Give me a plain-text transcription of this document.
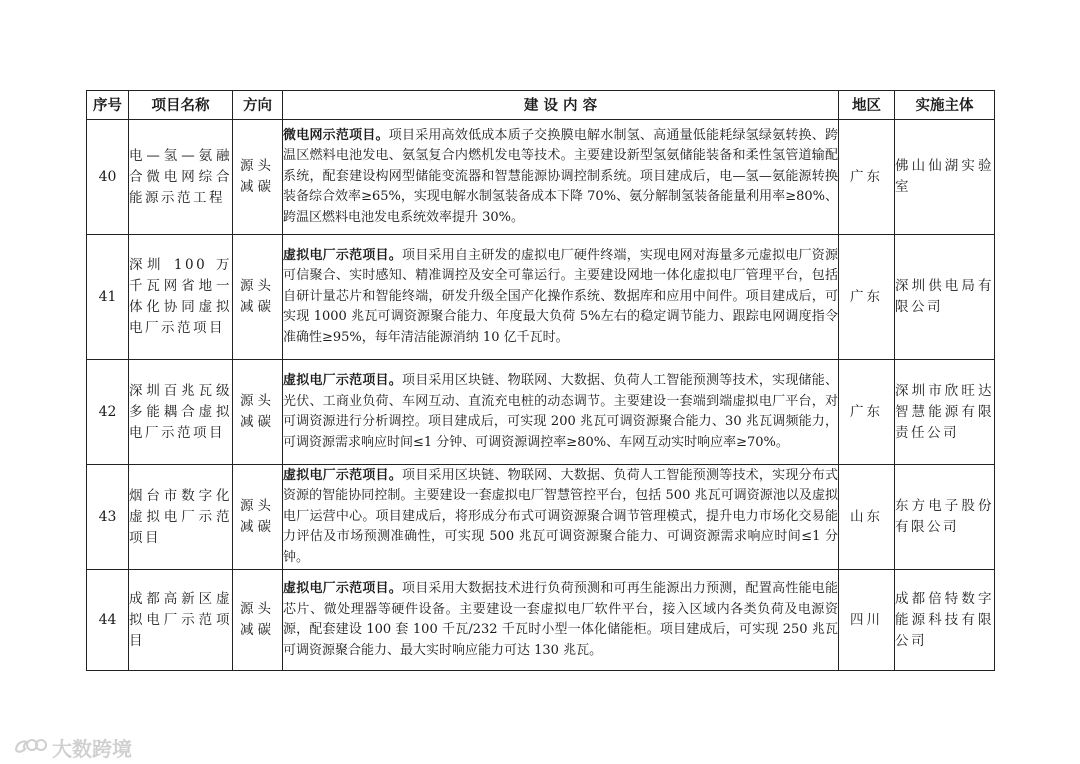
序号	项目名称	方向	建 设 内 容	地区	实施主体
40	电—氢—氨融合微电网综合能源示范工程	源头减碳	微电网示范项目。项目采用高效低成本质子交换膜电解水制氢、高通量低能耗绿氢绿氨转换、跨温区燃料电池发电、氨氢复合内燃机发电等技术。主要建设新型氢氨储能装备和柔性氢管道输配系统，配套建设构网型储能变流器和智慧能源协调控制系统。项目建成后，电—氢—氨能源转换装备综合效率≥65%，实现电解水制氢装备成本下降 70%、氨分解制氢装备能量利用率≥80%、跨温区燃料电池发电系统效率提升 30%。	广东	佛山仙湖实验室
41	深圳 100 万千瓦网省地一体化协同虚拟电厂示范项目	源头减碳	虚拟电厂示范项目。项目采用自主研发的虚拟电厂硬件终端，实现电网对海量多元虚拟电厂资源可信聚合、实时感知、精准调控及安全可靠运行。主要建设网地一体化虚拟电厂管理平台，包括自研计量芯片和智能终端，研发升级全国产化操作系统、数据库和应用中间件。项目建成后，可实现 1000 兆瓦可调资源聚合能力、年度最大负荷 5%左右的稳定调节能力、跟踪电网调度指令准确性≥95%，每年清洁能源消纳 10 亿千瓦时。	广东	深圳供电局有限公司
42	深圳百兆瓦级多能耦合虚拟电厂示范项目	源头减碳	虚拟电厂示范项目。项目采用区块链、物联网、大数据、负荷人工智能预测等技术，实现储能、光伏、工商业负荷、车网互动、直流充电桩的动态调节。主要建设一套端到端虚拟电厂平台，对可调资源进行分析调控。项目建成后，可实现 200 兆瓦可调资源聚合能力、30 兆瓦调频能力，可调资源需求响应时间≤1 分钟、可调资源调控率≥80%、车网互动实时响应率≥70%。	广东	深圳市欣旺达智慧能源有限责任公司
43	烟台市数字化虚拟电厂示范项目	源头减碳	虚拟电厂示范项目。项目采用区块链、物联网、大数据、负荷人工智能预测等技术，实现分布式资源的智能协同控制。主要建设一套虚拟电厂智慧管控平台，包括 500 兆瓦可调资源池以及虚拟电厂运营中心。项目建成后，将形成分布式可调资源聚合调节管理模式，提升电力市场化交易能力评估及市场预测准确性，可实现 500 兆瓦可调资源聚合能力、可调资源需求响应时间≤1 分钟。	山东	东方电子股份有限公司
44	成都高新区虚拟电厂示范项目	源头减碳	虚拟电厂示范项目。项目采用大数据技术进行负荷预测和可再生能源出力预测，配置高性能电能芯片、微处理器等硬件设备。主要建设一套虚拟电厂软件平台，接入区域内各类负荷及电源资源，配套建设 100 套 100 千瓦/232 千瓦时小型一体化储能柜。项目建成后，可实现 250 兆瓦可调资源聚合能力、最大实时响应能力可达 130 兆瓦。	四川	成都倍特数字能源科技有限公司
大数跨境
